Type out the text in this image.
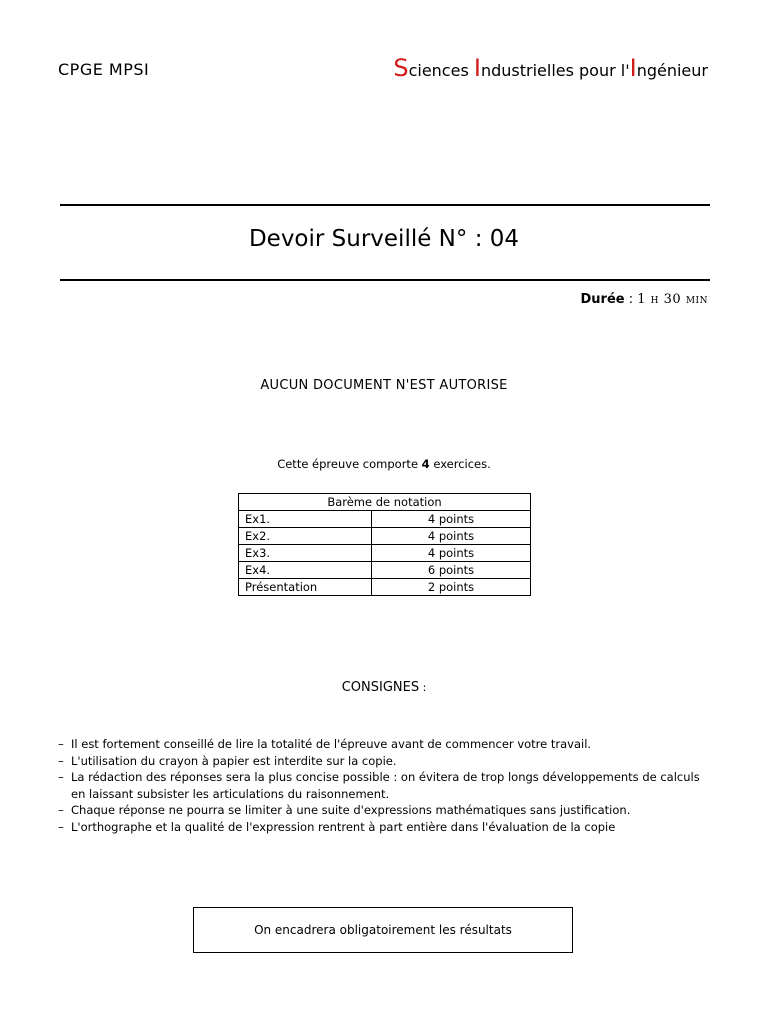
CPGE MPSI	Sciences Industrielles pour l'Ingénieur
Devoir Surveillé N° : 04
Durée : 1 h 30 min
AUCUN DOCUMENT N'EST AUTORISE
Cette épreuve comporte 4 exercices.
Barème de notation	
Ex1.	4 points
Ex2.	4 points
Ex3.	4 points
Ex4.	6 points
Présentation	2 points
CONSIGNES :
– Il est fortement conseillé de lire la totalité de l'épreuve avant de commencer votre travail.
– L'utilisation du crayon à papier est interdite sur la copie.
– La rédaction des réponses sera la plus concise possible : on évitera de trop longs développements de calculs en laissant subsister les articulations du raisonnement.
– Chaque réponse ne pourra se limiter à une suite d'expressions mathématiques sans justification.
– L'orthographe et la qualité de l'expression rentrent à part entière dans l'évaluation de la copie
On encadrera obligatoirement les résultats
